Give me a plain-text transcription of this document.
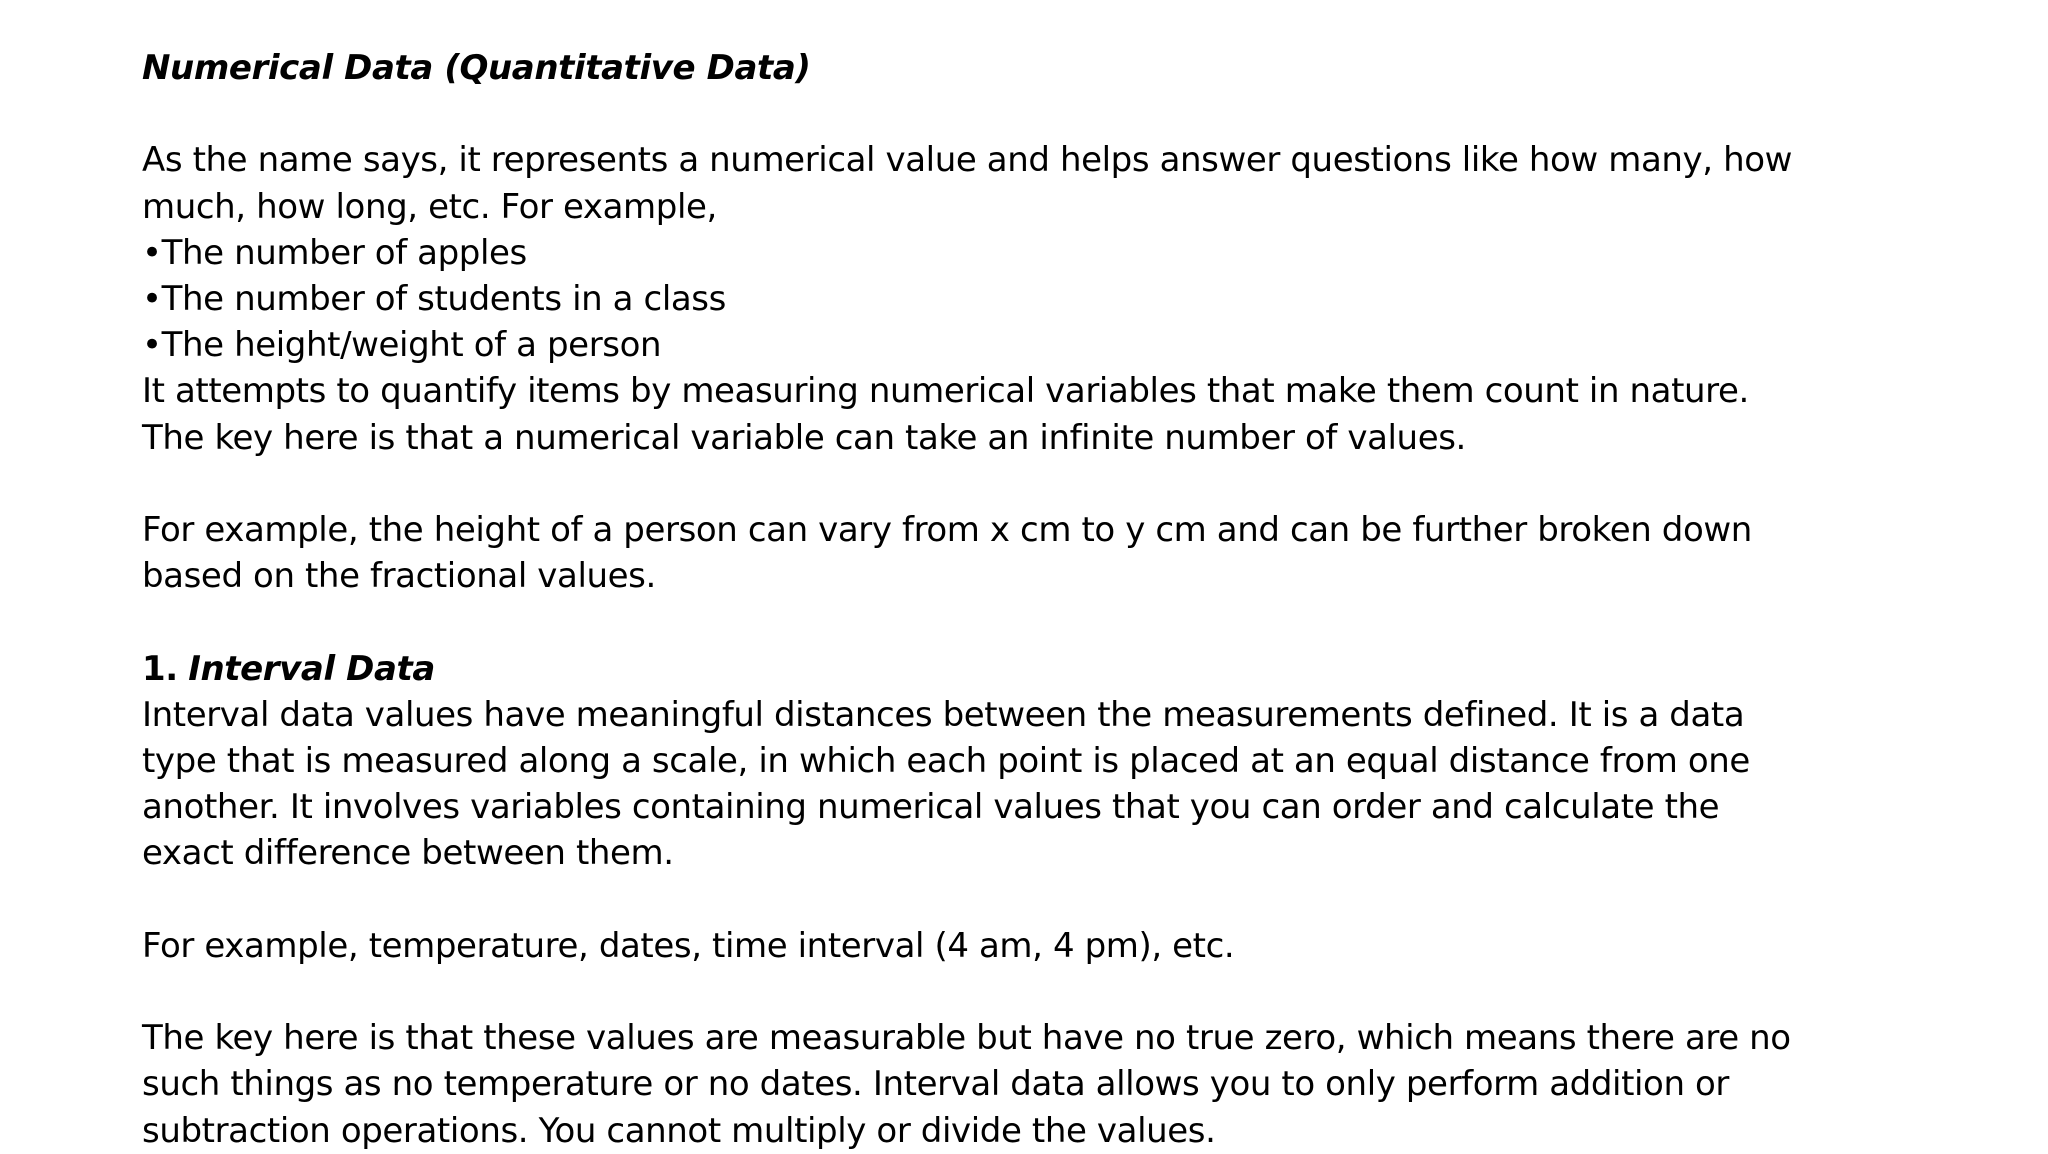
Numerical Data (Quantitative Data)
As the name says, it represents a numerical value and helps answer questions like how many, how
much, how long, etc. For example,
•The number of apples
•The number of students in a class
•The height/weight of a person
It attempts to quantify items by measuring numerical variables that make them count in nature.
The key here is that a numerical variable can take an infinite number of values.
For example, the height of a person can vary from x cm to y cm and can be further broken down
based on the fractional values.
1. Interval Data
Interval data values have meaningful distances between the measurements defined. It is a data
type that is measured along a scale, in which each point is placed at an equal distance from one
another. It involves variables containing numerical values that you can order and calculate the
exact difference between them.
For example, temperature, dates, time interval (4 am, 4 pm), etc.
The key here is that these values are measurable but have no true zero, which means there are no
such things as no temperature or no dates. Interval data allows you to only perform addition or
subtraction operations. You cannot multiply or divide the values.
